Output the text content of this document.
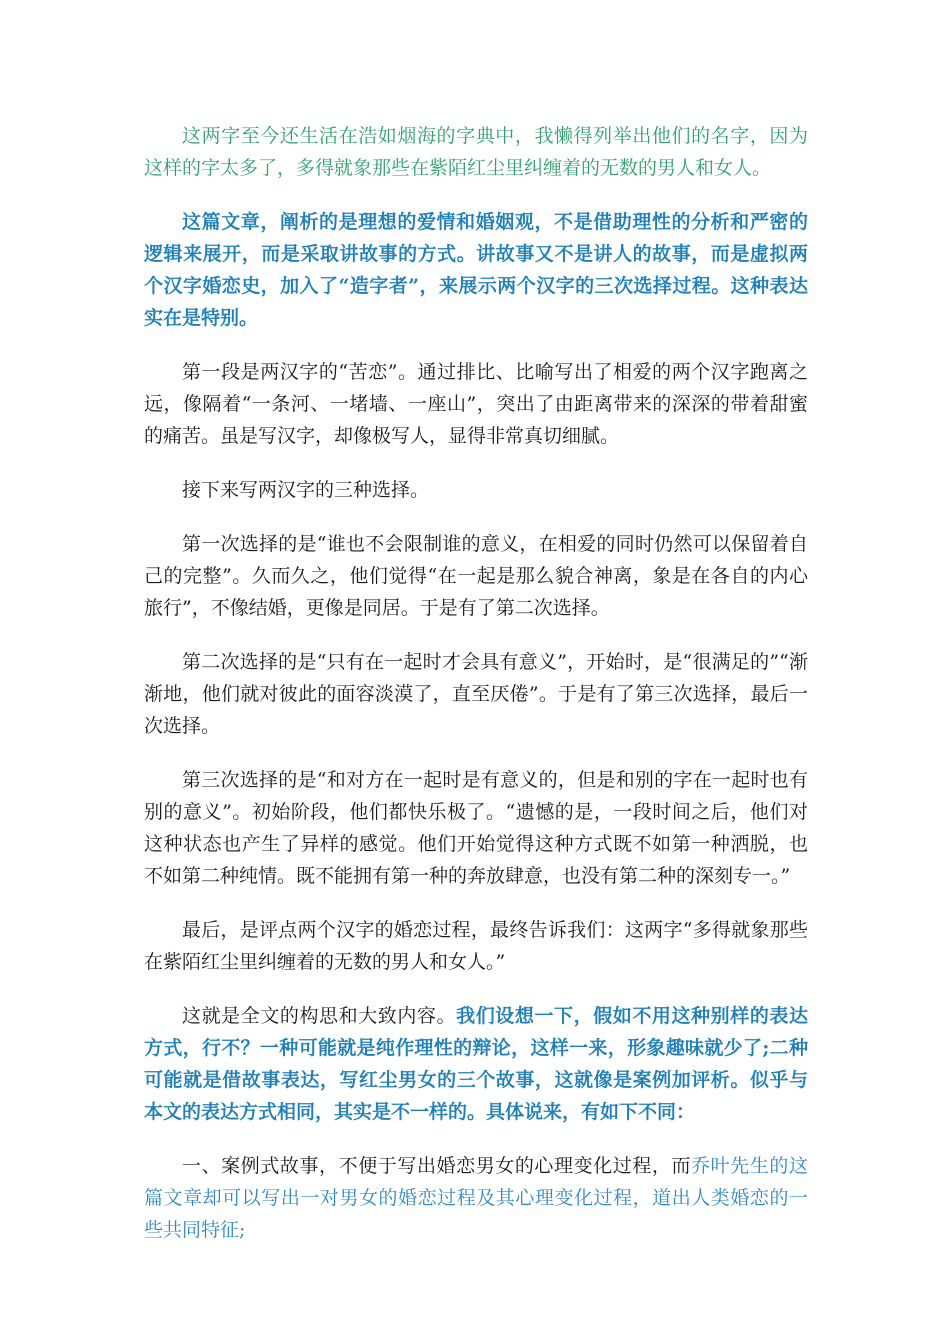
这两字至今还生活在浩如烟海的字典中，我懒得列举出他们的名字，因为这样的字太多了，多得就象那些在紫陌红尘里纠缠着的无数的男人和女人。

这篇文章，阐析的是理想的爱情和婚姻观，不是借助理性的分析和严密的逻辑来展开，而是采取讲故事的方式。讲故事又不是讲人的故事，而是虚拟两个汉字婚恋史，加入了“造字者”，来展示两个汉字的三次选择过程。这种表达实在是特别。

第一段是两汉字的“苦恋”。通过排比、比喻写出了相爱的两个汉字跑离之远，像隔着“一条河、一堵墙、一座山”，突出了由距离带来的深深的带着甜蜜的痛苦。虽是写汉字，却像极写人，显得非常真切细腻。

接下来写两汉字的三种选择。

第一次选择的是“谁也不会限制谁的意义，在相爱的同时仍然可以保留着自己的完整”。久而久之，他们觉得“在一起是那么貌合神离，象是在各自的内心旅行”，不像结婚，更像是同居。于是有了第二次选择。

第二次选择的是“只有在一起时才会具有意义”，开始时，是“很满足的”“渐渐地，他们就对彼此的面容淡漠了，直至厌倦”。于是有了第三次选择，最后一次选择。

第三次选择的是“和对方在一起时是有意义的，但是和别的字在一起时也有别的意义”。初始阶段，他们都快乐极了。“遗憾的是，一段时间之后，他们对这种状态也产生了异样的感觉。他们开始觉得这种方式既不如第一种洒脱，也不如第二种纯情。既不能拥有第一种的奔放肆意，也没有第二种的深刻专一。”

最后，是评点两个汉字的婚恋过程，最终告诉我们：这两字“多得就象那些在紫陌红尘里纠缠着的无数的男人和女人。”

这就是全文的构思和大致内容。我们设想一下，假如不用这种别样的表达方式，行不？一种可能就是纯作理性的辩论，这样一来，形象趣味就少了;二种可能就是借故事表达，写红尘男女的三个故事，这就像是案例加评析。似乎与本文的表达方式相同，其实是不一样的。具体说来，有如下不同：

一、案例式故事，不便于写出婚恋男女的心理变化过程，而乔叶先生的这篇文章却可以写出一对男女的婚恋过程及其心理变化过程，道出人类婚恋的一些共同特征;
